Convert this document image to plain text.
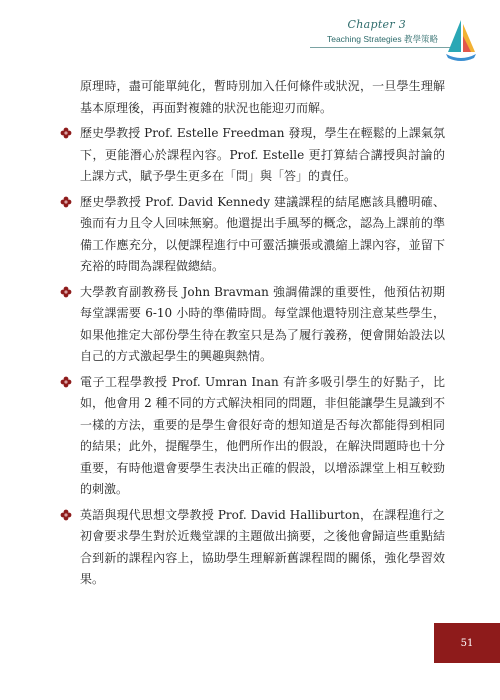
Chapter 3
Teaching Strategies 教學策略

原理時，盡可能單純化，暫時別加入任何條件或狀況，一旦學生理解基本原理後，再面對複雜的狀況也能迎刃而解。

歷史學教授 Prof. Estelle Freedman 發現，學生在輕鬆的上課氣氛下，更能潛心於課程內容。Prof. Estelle 更打算結合講授與討論的上課方式，賦予學生更多在「問」與「答」的責任。

歷史學教授 Prof. David Kennedy 建議課程的結尾應該具體明確、強而有力且令人回味無窮。他還提出手風琴的概念，認為上課前的準備工作應充分，以便課程進行中可靈活擴張或濃縮上課內容，並留下充裕的時間為課程做總結。

大學教育副教務長 John Bravman 強調備課的重要性，他預估初期每堂課需要 6-10 小時的準備時間。每堂課他還特別注意某些學生，如果他推定大部份學生待在教室只是為了履行義務，便會開始設法以自己的方式激起學生的興趣與熱情。

電子工程學教授 Prof. Umran Inan 有許多吸引學生的好點子，比如，他會用 2 種不同的方式解決相同的問題，非但能讓學生見識到不一樣的方法，重要的是學生會很好奇的想知道是否每次都能得到相同的結果；此外，提醒學生，他們所作出的假設，在解決問題時也十分重要，有時他還會要學生表決出正確的假設，以增添課堂上相互較勁的刺激。

英語與現代思想文學教授 Prof. David Halliburton，在課程進行之初會要求學生對於近幾堂課的主題做出摘要，之後他會歸這些重點結合到新的課程內容上，協助學生理解新舊課程間的關係，強化學習效果。

51
